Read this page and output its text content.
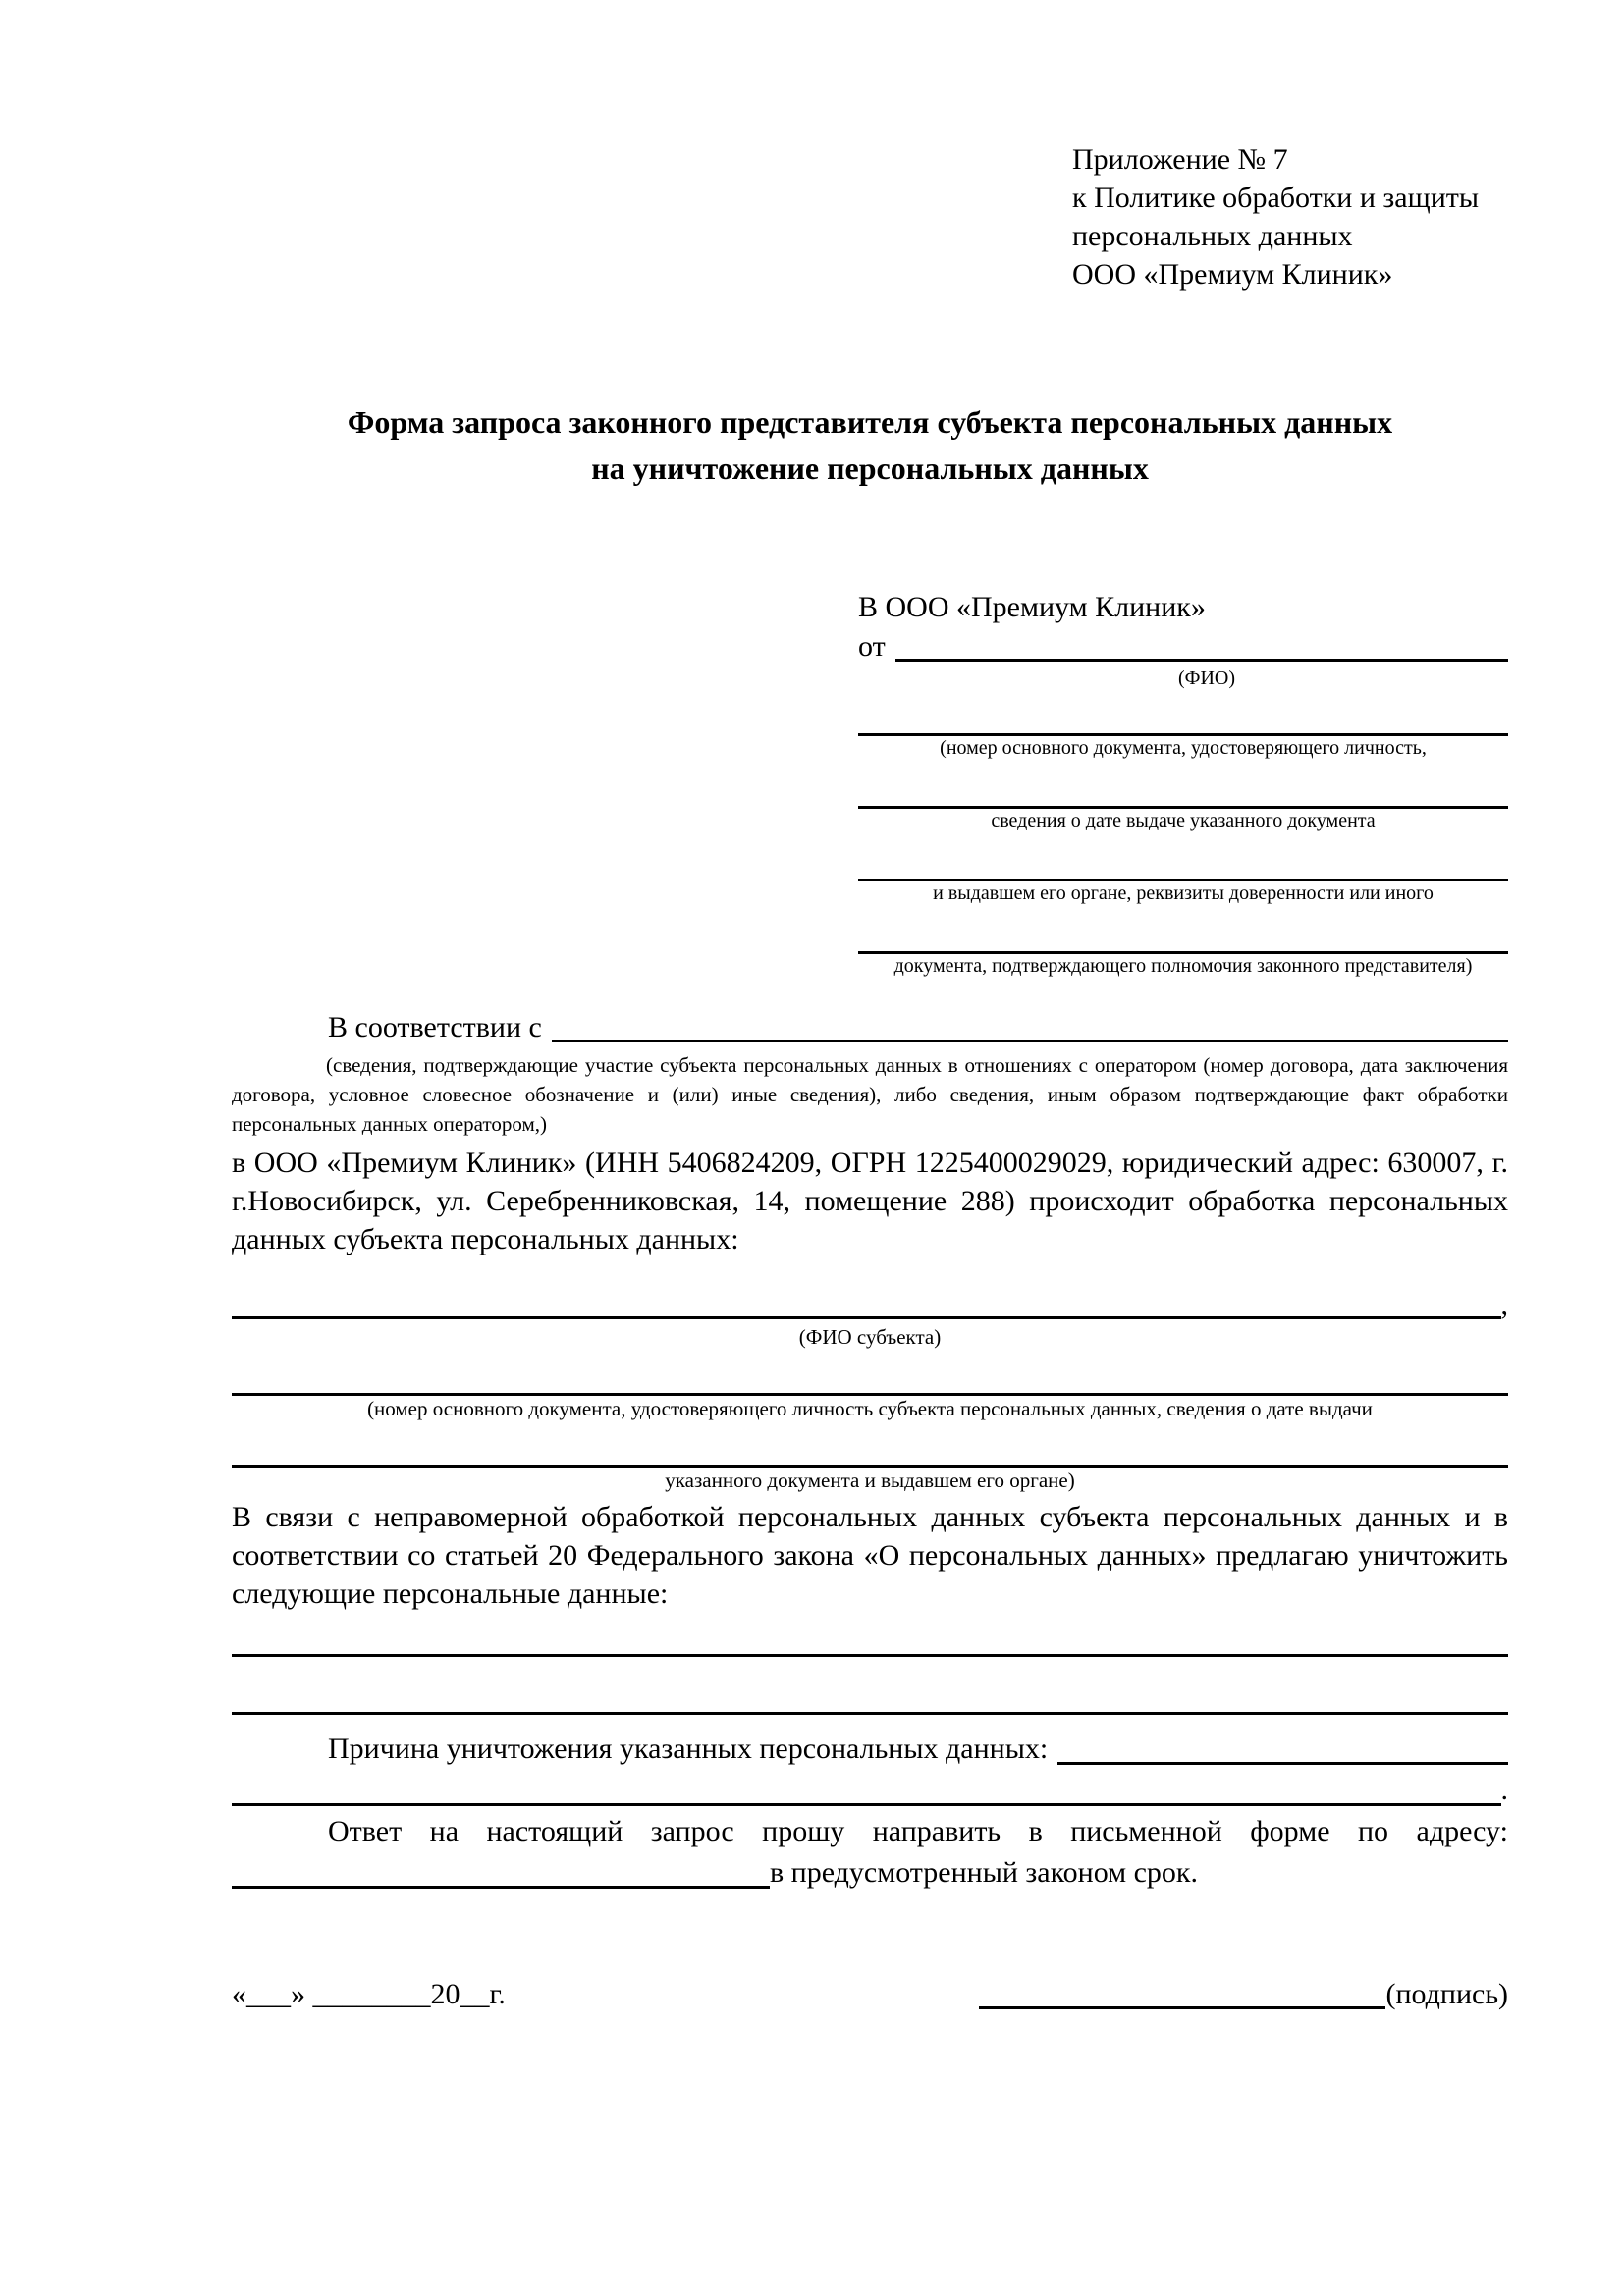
Приложение № 7
к Политике обработки и защиты
персональных данных
ООО «Премиум Клиник»
Форма запроса законного представителя субъекта персональных данных
на уничтожение персональных данных
В ООО «Премиум Клиник»
от
(ФИО)
(номер основного документа, удостоверяющего личность,
сведения о дате выдаче указанного документа
и выдавшем его органе, реквизиты доверенности или иного
документа, подтверждающего полномочия законного представителя)
В соответствии с
(сведения, подтверждающие участие субъекта персональных данных в отношениях с оператором (номер договора, дата заключения договора, условное словесное обозначение и (или) иные сведения), либо сведения, иным образом подтверждающие факт обработки персональных данных оператором,)
в ООО «Премиум Клиник» (ИНН 5406824209, ОГРН 1225400029029, юридический адрес: 630007, г. г.Новосибирск, ул. Серебренниковская, 14, помещение 288) происходит обработка персональных данных субъекта персональных данных:
,
(ФИО субъекта)
(номер основного документа, удостоверяющего личность субъекта персональных данных, сведения о дате выдачи
указанного документа и выдавшем его органе)
В связи с неправомерной обработкой персональных данных субъекта персональных данных и в соответствии со статьей 20 Федерального закона «О персональных данных» предлагаю уничтожить следующие персональные данные:
Причина уничтожения указанных персональных данных:
.
Ответ на настоящий запрос прошу направить в письменной форме по адресу:
в предусмотренный законом срок.
«___» ________20__г.	(подпись)
